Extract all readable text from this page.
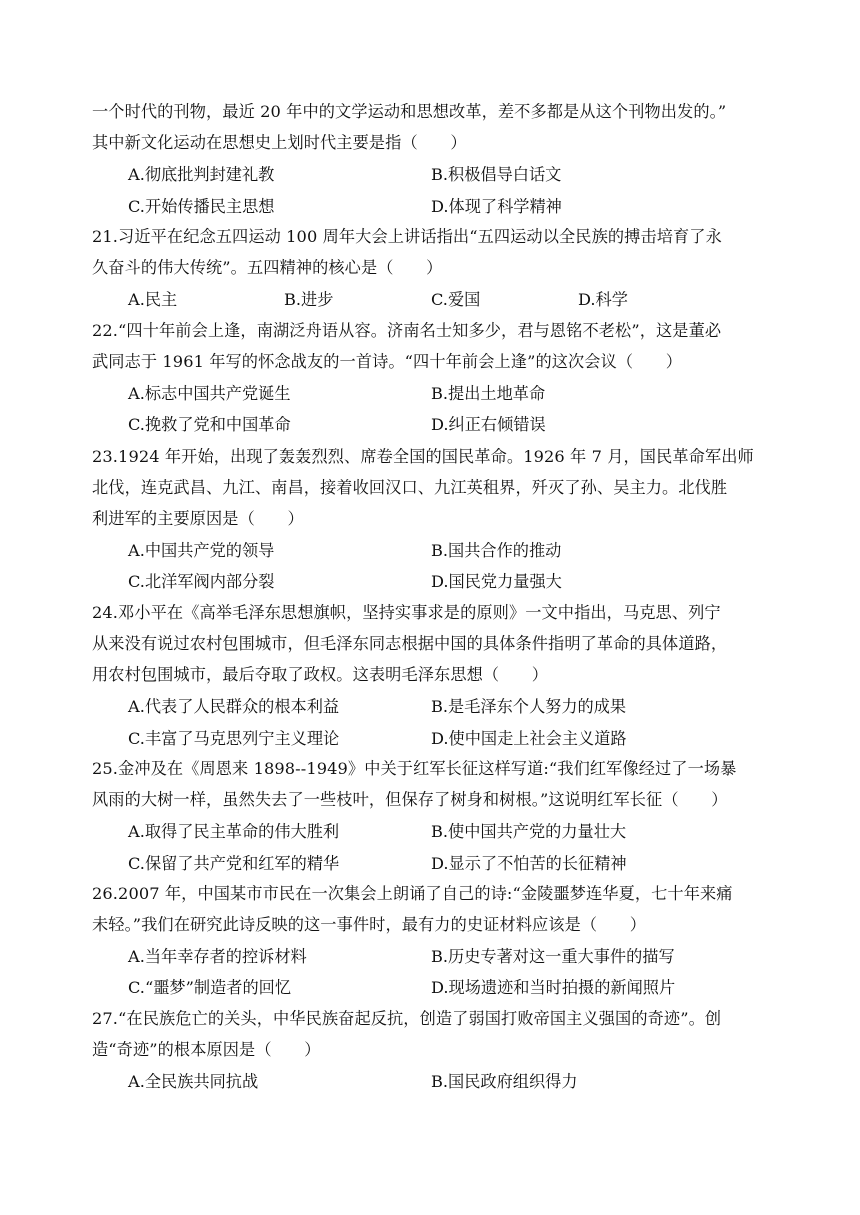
一个时代的刊物，最近 20 年中的文学运动和思想改革，差不多都是从这个刊物出发的。”
其中新文化运动在思想史上划时代主要是指（　　）
A.彻底批判封建礼教	B.积极倡导白话文
C.开始传播民主思想	D.体现了科学精神
21.习近平在纪念五四运动 100 周年大会上讲话指出“五四运动以全民族的搏击培育了永
久奋斗的伟大传统”。五四精神的核心是（　　）
A.民主	B.进步	C.爱国	D.科学
22.“四十年前会上逢，南湖泛舟语从容。济南名士知多少，君与恩铭不老松”，这是董必
武同志于 1961 年写的怀念战友的一首诗。“四十年前会上逢”的这次会议（　　）
A.标志中国共产党诞生	B.提出土地革命
C.挽救了党和中国革命	D.纠正右倾错误
23.1924 年开始，出现了轰轰烈烈、席卷全国的国民革命。1926 年 7 月，国民革命军出师
北伐，连克武昌、九江、南昌，接着收回汉口、九江英租界，歼灭了孙、吴主力。北伐胜
利进军的主要原因是（　　）
A.中国共产党的领导	B.国共合作的推动
C.北洋军阀内部分裂	D.国民党力量强大
24.邓小平在《高举毛泽东思想旗帜，坚持实事求是的原则》一文中指出，马克思、列宁
从来没有说过农村包围城市，但毛泽东同志根据中国的具体条件指明了革命的具体道路，
用农村包围城市，最后夺取了政权。这表明毛泽东思想（　　）
A.代表了人民群众的根本利益	B.是毛泽东个人努力的成果
C.丰富了马克思列宁主义理论	D.使中国走上社会主义道路
25.金冲及在《周恩来 1898--1949》中关于红军长征这样写道:“我们红军像经过了一场暴
风雨的大树一样，虽然失去了一些枝叶，但保存了树身和树根。”这说明红军长征（　　）
A.取得了民主革命的伟大胜利	B.使中国共产党的力量壮大
C.保留了共产党和红军的精华	D.显示了不怕苦的长征精神
26.2007 年，中国某市市民在一次集会上朗诵了自己的诗:“金陵噩梦连华夏，七十年来痛
未轻。”我们在研究此诗反映的这一事件时，最有力的史证材料应该是（　　）
A.当年幸存者的控诉材料	B.历史专著对这一重大事件的描写
C.“噩梦”制造者的回忆	D.现场遗迹和当时拍摄的新闻照片
27.“在民族危亡的关头，中华民族奋起反抗，创造了弱国打败帝国主义强国的奇迹”。创
造“奇迹”的根本原因是（　　）
A.全民族共同抗战	B.国民政府组织得力
